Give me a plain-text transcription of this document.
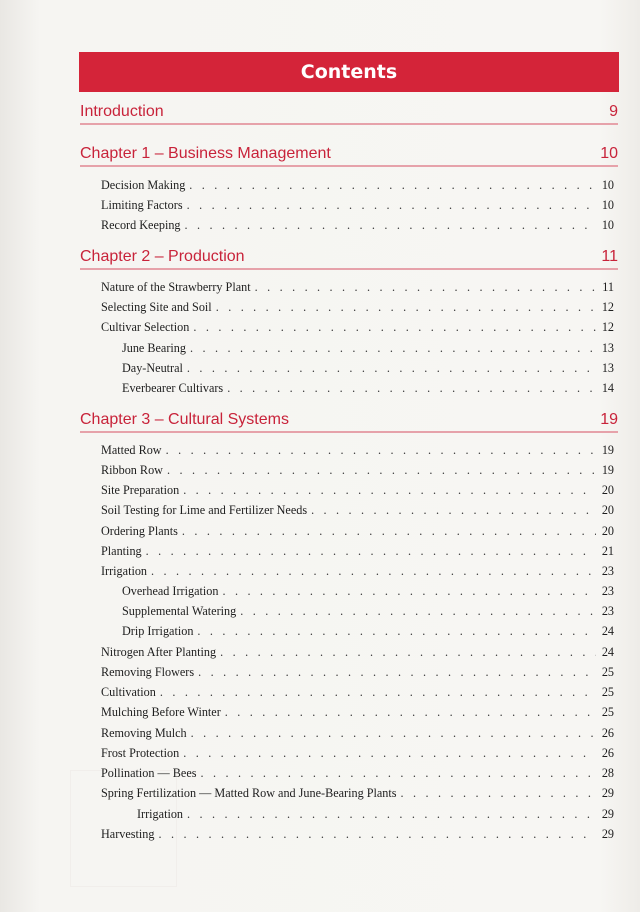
Contents
Introduction	9
Chapter 1 – Business Management	10
Decision Making . . .	10
Limiting Factors . . .	10
Record Keeping . . .	10
Chapter 2 – Production	11
Nature of the Strawberry Plant . . .	11
Selecting Site and Soil . . .	12
Cultivar Selection . . .	12
June Bearing . . .	13
Day-Neutral . . .	13
Everbearer Cultivars . . .	14
Chapter 3 – Cultural Systems	19
Matted Row . . .	19
Ribbon Row . . .	19
Site Preparation . . .	20
Soil Testing for Lime and Fertilizer Needs . . .	20
Ordering Plants . . .	20
Planting . . .	21
Irrigation . . .	23
Overhead Irrigation . . .	23
Supplemental Watering . . .	23
Drip Irrigation . . .	24
Nitrogen After Planting . . .	24
Removing Flowers . . .	25
Cultivation . . .	25
Mulching Before Winter . . .	25
Removing Mulch . . .	26
Frost Protection . . .	26
Pollination — Bees . . .	28
Spring Fertilization — Matted Row and June-Bearing Plants . . .	29
Irrigation . . .	29
Harvesting . . .	29
